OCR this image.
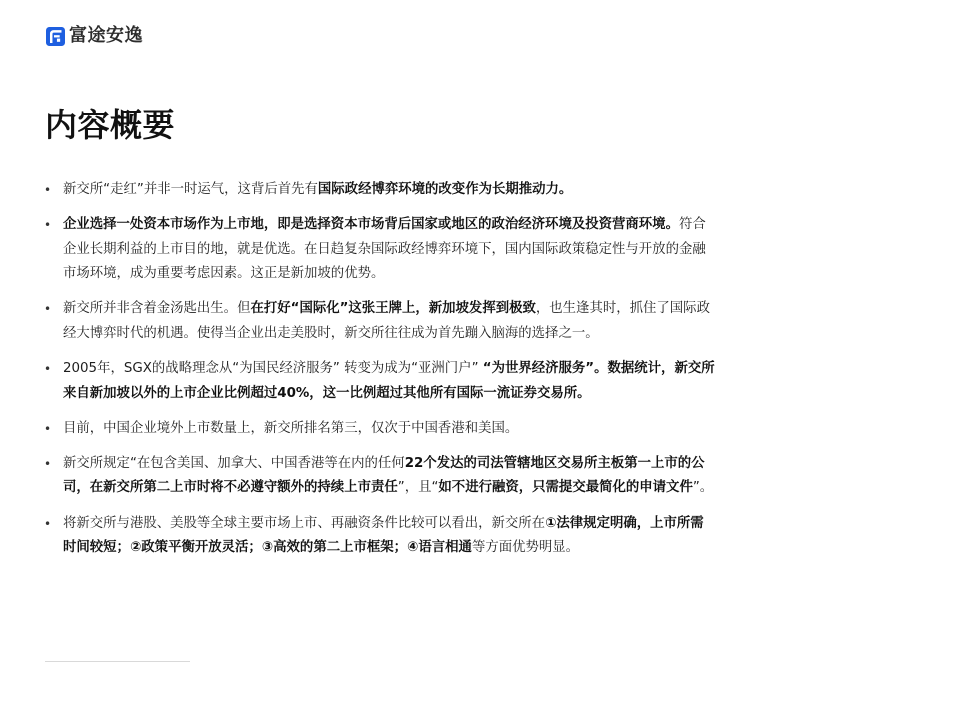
富途安逸
内容概要
• 新交所“走红”并非一时运气，这背后首先有国际政经博弈环境的改变作为长期推动力。
• 企业选择一处资本市场作为上市地，即是选择资本市场背后国家或地区的政治经济环境及投资营商环境。符合企业长期利益的上市目的地，就是优选。在日趋复杂国际政经博弈环境下，国内国际政策稳定性与开放的金融市场环境，成为重要考虑因素。这正是新加坡的优势。
• 新交所并非含着金汤匙出生。但在打好“国际化”这张王牌上，新加坡发挥到极致，也生逢其时，抓住了国际政经大博弈时代的机遇。使得当企业出走美股时，新交所往往成为首先蹦入脑海的选择之一。
• 2005年，SGX的战略理念从“为国民经济服务” 转变为成为“亚洲门户” “为世界经济服务”。数据统计，新交所来自新加坡以外的上市企业比例超过40%，这一比例超过其他所有国际一流证券交易所。
• 目前，中国企业境外上市数量上，新交所排名第三，仅次于中国香港和美国。
• 新交所规定“在包含美国、加拿大、中国香港等在内的任何22个发达的司法管辖地区交易所主板第一上市的公司，在新交所第二上市时将不必遵守额外的持续上市责任”，且“如不进行融资，只需提交最简化的申请文件”。
• 将新交所与港股、美股等全球主要市场上市、再融资条件比较可以看出，新交所在①法律规定明确，上市所需时间较短；②政策平衡开放灵活；③高效的第二上市框架；④语言相通等方面优势明显。
